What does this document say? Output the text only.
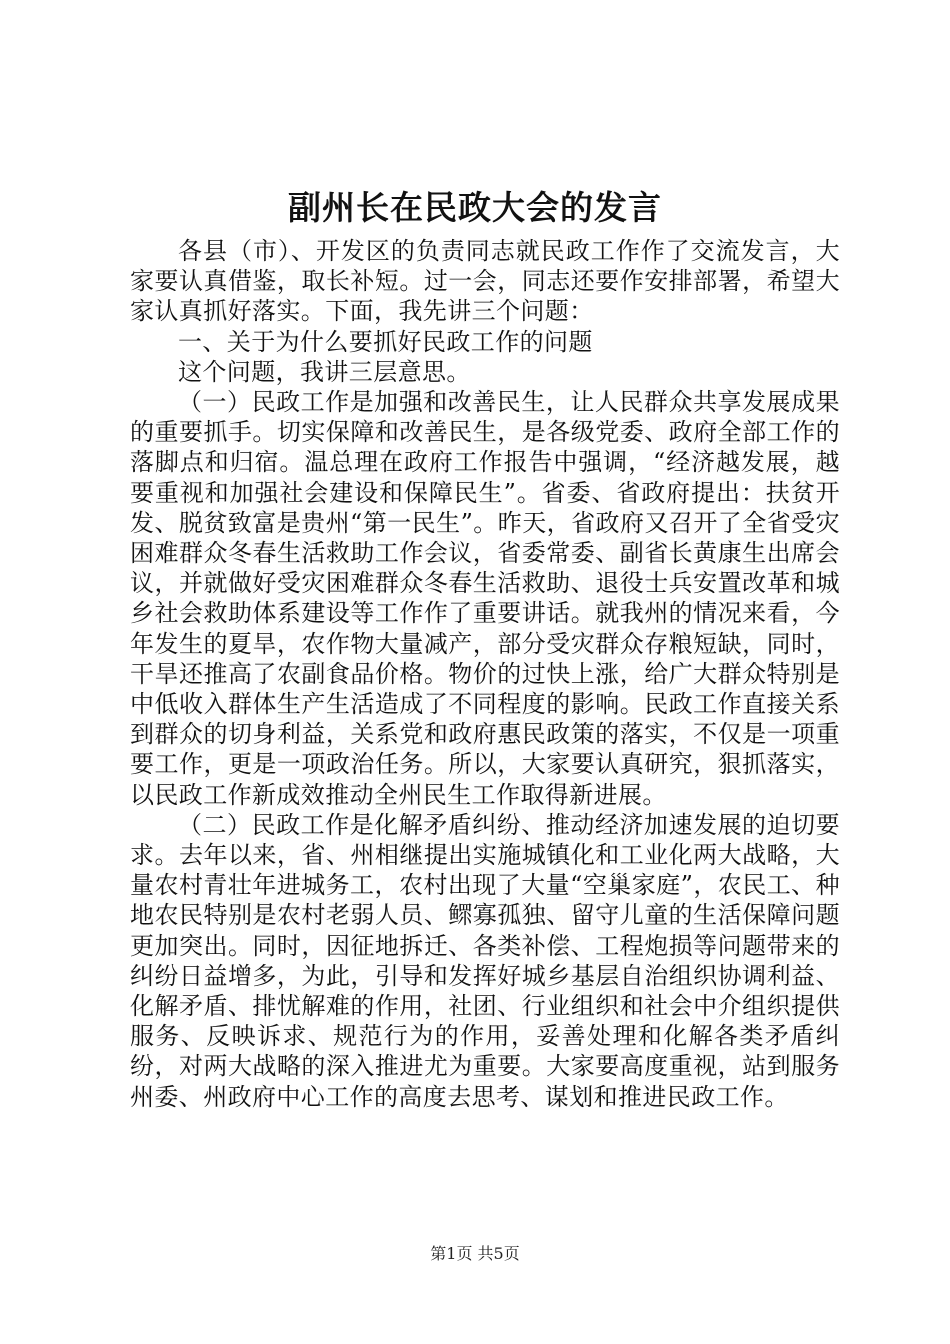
副州长在民政大会的发言

各县（市）、开发区的负责同志就民政工作作了交流发言，大家要认真借鉴，取长补短。过一会，同志还要作安排部署，希望大家认真抓好落实。下面，我先讲三个问题：

一、关于为什么要抓好民政工作的问题

这个问题，我讲三层意思。

（一）民政工作是加强和改善民生，让人民群众共享发展成果的重要抓手。切实保障和改善民生，是各级党委、政府全部工作的落脚点和归宿。温总理在政府工作报告中强调，“经济越发展，越要重视和加强社会建设和保障民生”。省委、省政府提出：扶贫开发、脱贫致富是贵州“第一民生”。昨天，省政府又召开了全省受灾困难群众冬春生活救助工作会议，省委常委、副省长黄康生出席会议，并就做好受灾困难群众冬春生活救助、退役士兵安置改革和城乡社会救助体系建设等工作作了重要讲话。就我州的情况来看，今年发生的夏旱，农作物大量减产，部分受灾群众存粮短缺，同时，干旱还推高了农副食品价格。物价的过快上涨，给广大群众特别是中低收入群体生产生活造成了不同程度的影响。民政工作直接关系到群众的切身利益，关系党和政府惠民政策的落实，不仅是一项重要工作，更是一项政治任务。所以，大家要认真研究，狠抓落实，以民政工作新成效推动全州民生工作取得新进展。

（二）民政工作是化解矛盾纠纷、推动经济加速发展的迫切要求。去年以来，省、州相继提出实施城镇化和工业化两大战略，大量农村青壮年进城务工，农村出现了大量“空巢家庭”，农民工、种地农民特别是农村老弱人员、鳏寡孤独、留守儿童的生活保障问题更加突出。同时，因征地拆迁、各类补偿、工程炮损等问题带来的纠纷日益增多，为此，引导和发挥好城乡基层自治组织协调利益、化解矛盾、排忧解难的作用，社团、行业组织和社会中介组织提供服务、反映诉求、规范行为的作用，妥善处理和化解各类矛盾纠纷，对两大战略的深入推进尤为重要。大家要高度重视，站到服务州委、州政府中心工作的高度去思考、谋划和推进民政工作。

第1页 共5页
